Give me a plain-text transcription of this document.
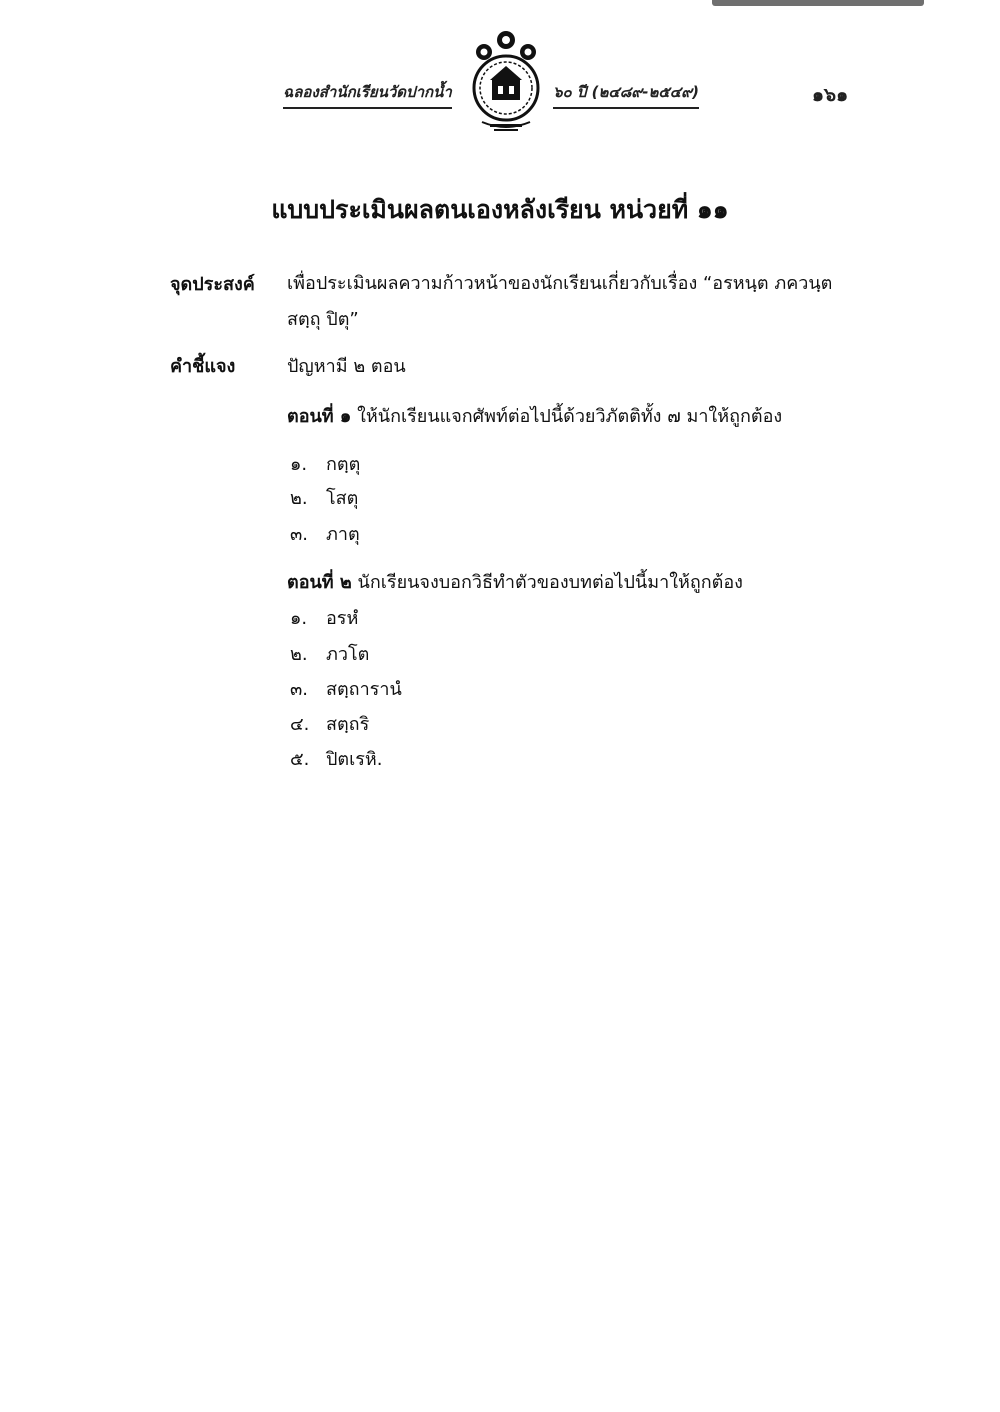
ฉลองสำนักเรียนวัดปากน้ำ	๖๐ ปี (๒๔๘๙-๒๕๔๙)	๑๖๑
แบบประเมินผลตนเองหลังเรียน หน่วยที่ ๑๑
จุดประสงค์ เพื่อประเมินผลความก้าวหน้าของนักเรียนเกี่ยวกับเรื่อง “อรหนฺต ภควนฺต สตฺถุ ปิตุ”
คำชี้แจง	ปัญหามี ๒ ตอน
ตอนที่ ๑ ให้นักเรียนแจกศัพท์ต่อไปนี้ด้วยวิภัตติทั้ง ๗ มาให้ถูกต้อง
๑. กตฺตุ
๒. โสตุ
๓. ภาตุ
ตอนที่ ๒ นักเรียนจงบอกวิธีทำตัวของบทต่อไปนี้มาให้ถูกต้อง
๑. อรหํ
๒. ภวโต
๓. สตฺถารานํ
๔. สตฺถริ
๕. ปิตเรหิ.
